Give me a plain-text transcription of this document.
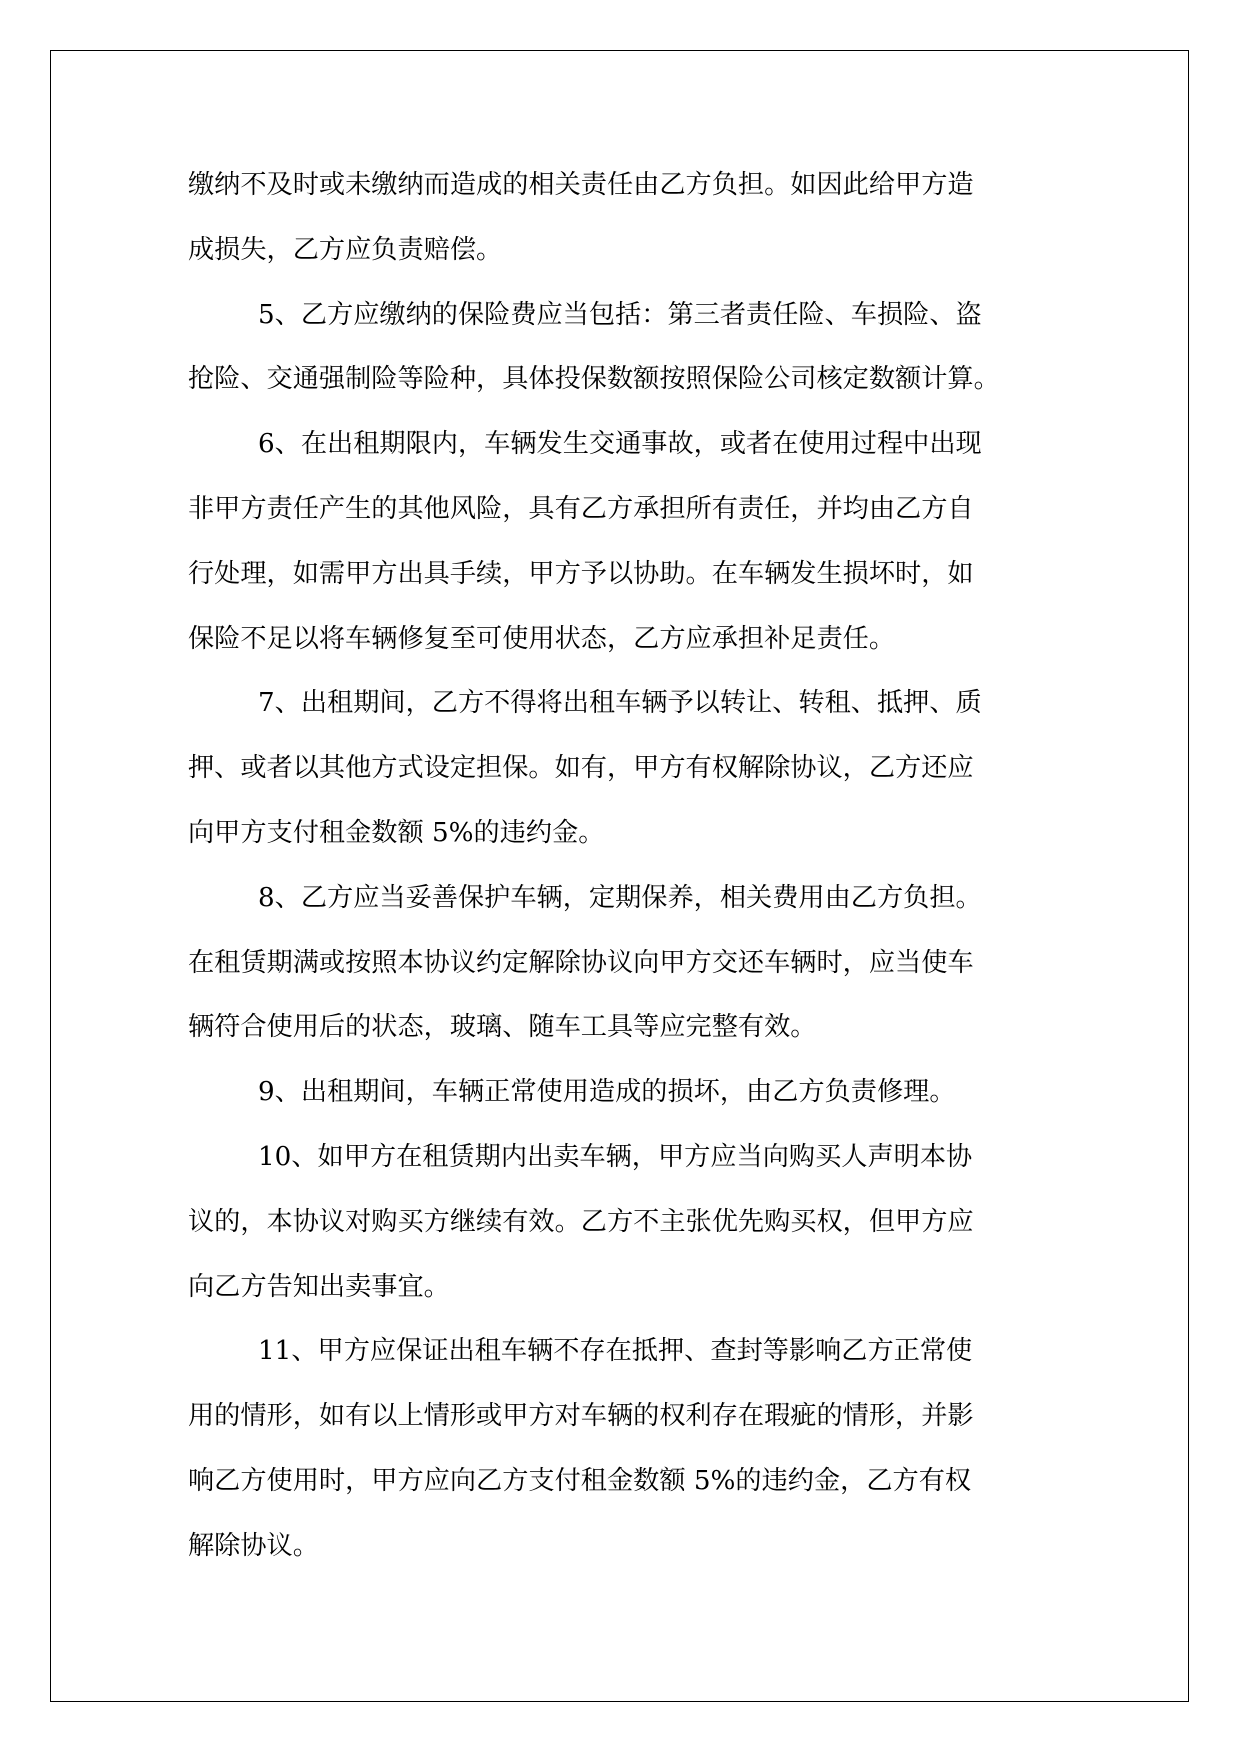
缴纳不及时或未缴纳而造成的相关责任由乙方负担。如因此给甲方造
成损失，乙方应负责赔偿。
5、乙方应缴纳的保险费应当包括：第三者责任险、车损险、盗
抢险、交通强制险等险种，具体投保数额按照保险公司核定数额计算。
6、在出租期限内，车辆发生交通事故，或者在使用过程中出现
非甲方责任产生的其他风险，具有乙方承担所有责任，并均由乙方自
行处理，如需甲方出具手续，甲方予以协助。在车辆发生损坏时，如
保险不足以将车辆修复至可使用状态，乙方应承担补足责任。
7、出租期间，乙方不得将出租车辆予以转让、转租、抵押、质
押、或者以其他方式设定担保。如有，甲方有权解除协议，乙方还应
向甲方支付租金数额 5%的违约金。
8、乙方应当妥善保护车辆，定期保养，相关费用由乙方负担。
在租赁期满或按照本协议约定解除协议向甲方交还车辆时，应当使车
辆符合使用后的状态，玻璃、随车工具等应完整有效。
9、出租期间，车辆正常使用造成的损坏，由乙方负责修理。
10、如甲方在租赁期内出卖车辆，甲方应当向购买人声明本协
议的，本协议对购买方继续有效。乙方不主张优先购买权，但甲方应
向乙方告知出卖事宜。
11、甲方应保证出租车辆不存在抵押、查封等影响乙方正常使
用的情形，如有以上情形或甲方对车辆的权利存在瑕疵的情形，并影
响乙方使用时，甲方应向乙方支付租金数额 5%的违约金，乙方有权
解除协议。
